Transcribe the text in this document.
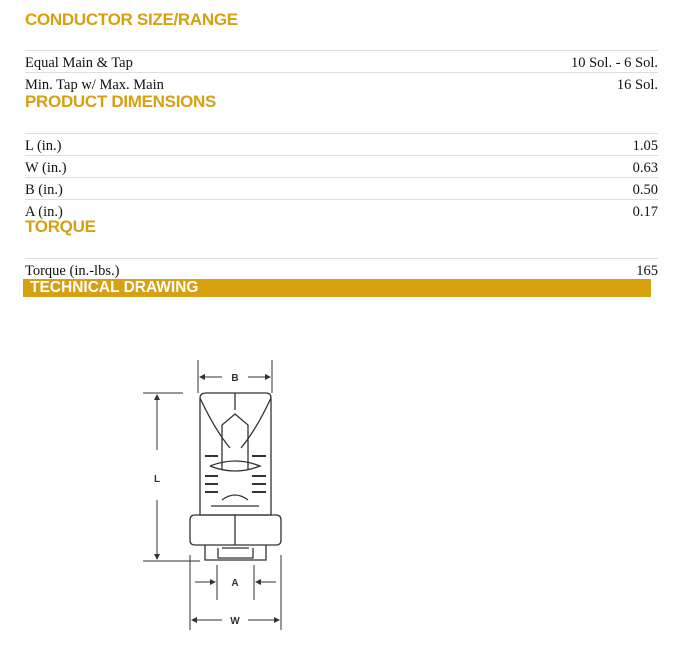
CONDUCTOR SIZE/RANGE
Equal Main & Tap	10 Sol. - 6 Sol.
Min. Tap w/ Max. Main	16 Sol.
PRODUCT DIMENSIONS
L (in.)	1.05
W (in.)	0.63
B (in.)	0.50
A (in.)	0.17
TORQUE
Torque (in.-lbs.)	165
TECHNICAL DRAWING
B
L
A
W
